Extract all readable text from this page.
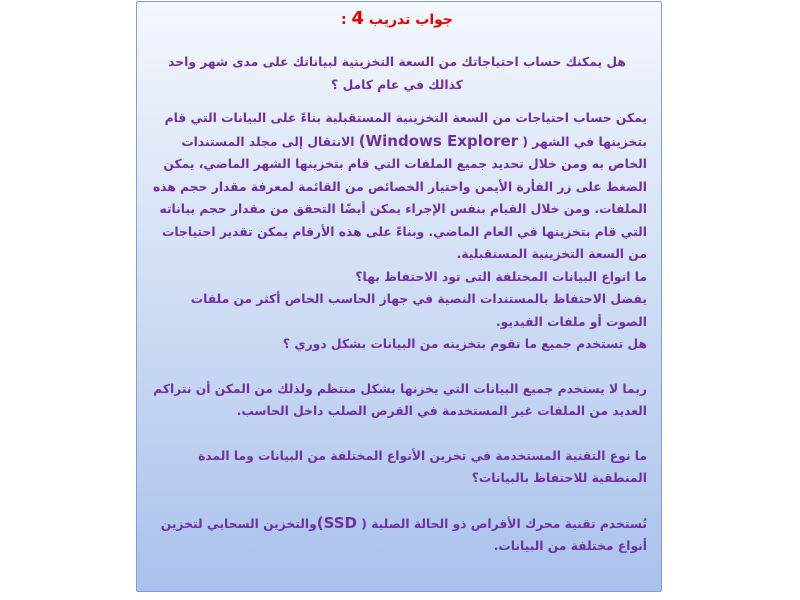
جواب تدريب 4 :

هل يمكنك حساب احتياجاتك من السعة التخزينية لبياناتك على مدى شهر واحد كذالك في عام كامل ؟

يمكن حساب احتياجات من السعة التخزينية المستقبلية بناءً على البيانات التي قام بتخزينها في الشهر ( (Windows Explorer الانتقال إلى مجلد المستندات الخاص به ومن خلال تحديد جميع الملفات التي قام بتخزينها الشهر الماضي، يمكن الضغط على زر الفأرة الأيمن واختيار الخصائص من القائمة لمعرفة مقدار حجم هذه الملفات. ومن خلال القيام بنفس الإجراء يمكن أيضًا التحقق من مقدار حجم بياناته التي قام بتخزينها في العام الماضي. وبناءً على هذه الأرقام يمكن تقدير احتياجات من السعة التخزينية المستقبلية.

ما انواع البيانات المختلفة التى تود الاحتفاظ بها؟

يفضل الاحتفاظ بالمستندات النصية في جهاز الحاسب الخاص أكثر من ملفات الصوت أو ملفات الفيديو.

هل تستخدم جميع ما تقوم بتخزينه من البيانات بشكل دوري ؟

ربما لا يستخدم جميع البيانات التي يخزنها بشكل منتظم ولذلك من المكن أن نتراكم العديد من الملفات غير المستخدمة في القرص الصلب داخل الحاسب.

ما نوع التقنية المستخدمة في تخزين الأنواع المختلفة من البيانات وما المدة المنطقية للاحتفاظ بالبيانات؟

تُستخدم تقنية محرك الأقراص ذو الحالة الصلبة ( (SSDوالتخزين السحابي لتخزين أنواع مختلفة من البيانات.
